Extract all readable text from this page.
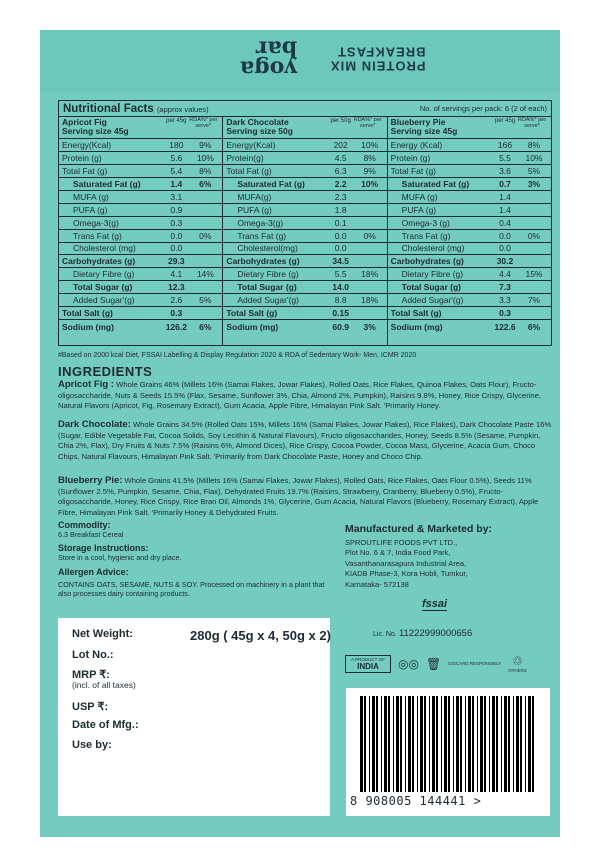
yoga
bar
PROTEIN MIX
BREAKFAST
Nutritional Facts (approx values)	No. of servings per pack: 6 (2 of each)
Apricot Fig
Serving size 45g
per 45g RDA%* per serve*
Energy(Kcal)	180	9%
Protein (g)	5.6	10%
Total Fat (g)	5.4	8%
Saturated Fat (g)	1.4	6%
MUFA (g)	3.1
PUFA (g)	0.9
Omega-3(g)	0.3
Trans Fat (g)	0.0	0%
Cholesterol (mg)	0.0
Carbohydrates (g)	29.3
Dietary Fibre (g)	4.1	14%
Total Sugar (g)	12.3
Added Sugar'(g)	2.6	5%
Total Salt (g)	0.3
Sodium (mg)	126.2	6%
Dark Chocolate
Serving size 50g
per 50g RDA%* per serve*
Energy(Kcal)	202	10%
Protein(g)	4.5	8%
Total Fat (g)	6.3	9%
Saturated Fat (g)	2.2	10%
MUFA(g)	2.3
PUFA (g)	1.8
Omega-3(g)	0.1
Trans Fat (g)	0.0	0%
Cholesterol(mg)	0.0
Carbohydrates (g)	34.5
Dietary Fibre (g)	5.5	18%
Total Sugar (g)	14.0
Added Sugar'(g)	8.8	18%
Total Salt (g)	0.15
Sodium (mg)	60.9	3%
Blueberry Pie
Serving size 45g
per 45g RDA%* per serve*
Energy (Kcal)	166	8%
Protein (g)	5.5	10%
Total Fat (g)	3.6	5%
Saturated Fat (g)	0.7	3%
MUFA (g)	1.4
PUFA (g)	1.4
Omega-3 (g)	0.4
Trans Fat (g)	0.0	0%
Cholesterol (mg)	0.0
Carbohydrates (g)	30.2
Dietary Fibre (g)	4.4	15%
Total Sugar (g)	7.3
Added Sugar'(g)	3.3	7%
Total Salt (g)	0.3
Sodium (mg)	122.6	6%
#Based on 2000 kcal Diet, FSSAI Labelling & Display Regulation 2020 & RDA of Sedentary Work- Men, ICMR 2020
INGREDIENTS
Apricot Fig : Whole Grains 46% (Millets 16% (Samai Flakes, Jowar Flakes), Rolled Oats, Rice Flakes, Quinoa Flakes, Oats Flour), Fructo-oligosaccharide, Nuts & Seeds 15.5% (Flax, Sesame, Sunflower 3%, Chia, Almond 2%, Pumpkin), Raisins 9.8%, Honey, Rice Crispy, Glycerine, Natural Flavors (Apricot, Fig, Rosemary Extract), Gum Acacia, Apple Fibre, Himalayan Pink Salt. 'Primarily Honey.
Dark Chocolate: Whole Grains 34.5% (Rolled Oats 15%, Millets 16% (Samai Flakes, Jowar Flakes), Rice Flakes), Dark Chocolate Paste 16% (Sugar, Edible Vegetable Fat, Cocoa Solids, Soy Lecithin & Natural Flavours), Fructo oligosaccharides, Honey, Seeds 8.5% (Sesame, Pumpkin, Chia 2%, Flax), Dry Fruits & Nuts 7.5% (Raisins 6%, Almond Dices), Rice Crispy, Cocoa Powder, Cocoa Mass, Glycerine, Acacia Gum, Choco Chips, Natural Flavours, Himalayan Pink Salt. 'Primarily from Dark Chocolate Paste, Honey and Choco Chip.
Blueberry Pie: Whole Grains 41.5% (Millets 16% (Samai Flakes, Jowar Flakes), Rolled Oats, Rice Flakes, Oats Flour 0.5%), Seeds 11% (Sunflower 2.5%, Pumpkin, Sesame, Chia, Flax), Dehydrated Fruits 19.7% (Raisins, Strawberry, Cranberry, Blueberry 0.5%), Fructo-oligosaccharide, Honey, Rice Crispy, Rice Bran Oil, Almonds 1%, Glycerine, Gum Acacia, Natural Flavors (Blueberry, Rosemary Extract), Apple Fibre, Himalayan Pink Salt. 'Primarily Honey & Dehydrated Fruits.
Commodity:
6.3 Breakfast Cereal
Storage Instructions:
Store in a cool, hygienic and dry place.
Allergen Advice:
CONTAINS OATS, SESAME, NUTS & SOY. Processed on machinery in a plant that also processes dairy containing products.
Manufactured & Marketed by:
SPROUTLIFE FOODS PVT LTD.,
Plot No. 6 & 7, India Food Park,
Vasanthanarasapura Industrial Area,
KIADB Phase-3, Kora Hobli, Tumkur,
Karnataka- 572138
fssai
Lic. No. 11222999000656
Net Weight:	280g ( 45g x 4, 50g x 2)
Lot No.:
MRP ₹:
(incl. of all taxes)
USP ₹:
Date of Mfg.:
Use by:
A PRODUCT OF
INDIA	◎◎ 🗑 DISCARD RESPONSIBLY ♲
OTHERS
8 908005 144441 >
